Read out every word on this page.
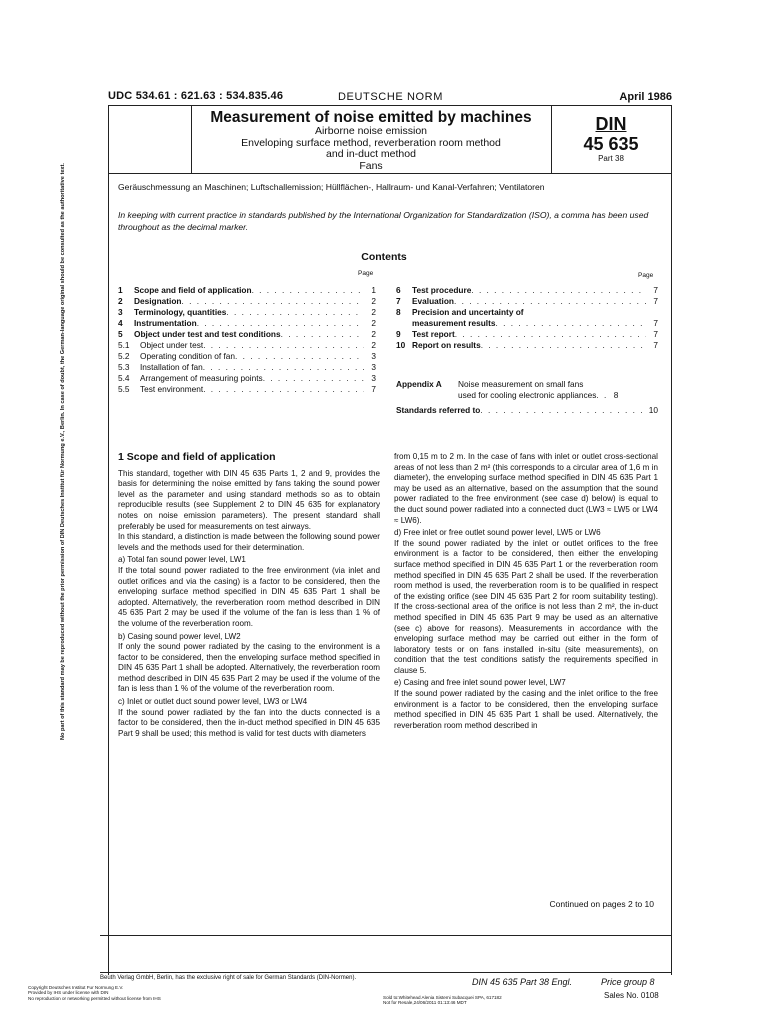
UDC 534.61 : 621.63 : 534.835.46	DEUTSCHE NORM	April 1986
Measurement of noise emitted by machines
Airborne noise emission
Enveloping surface method, reverberation room method
and in-duct method
Fans
DIN
45 635
Part 38
Geräuschmessung an Maschinen; Luftschallemission; Hüllflächen-, Hallraum- und Kanal-Verfahren; Ventilatoren
In keeping with current practice in standards published by the International Organization for Standardization (ISO), a comma has been used throughout as the decimal marker.
Contents
Page	Page
1	Scope and field of application . . .	1
2	Designation . . .	2
3	Terminology, quantities . . .	2
4	Instrumentation . . .	2
5	Object under test and test conditions . . .	2
5.1	Object under test . . .	2
5.2	Operating condition of fan . . .	3
5.3	Installation of fan . . .	3
5.4	Arrangement of measuring points . . .	3
5.5	Test environment . . .	7
6	Test procedure . . .	7
7	Evaluation . . .	7
8	Precision and uncertainty of
measurement results . . .	7
9	Test report . . .	7
10 Report on results . . .	7
Appendix A	Noise measurement on small fans
used for cooling electronic appliances . . .	8
Standards referred to . . .	10
1 Scope and field of application

This standard, together with DIN 45 635 Parts 1, 2 and 9, provides the basis for determining the noise emitted by fans taking the sound power level as the parameter and using standard methods so as to obtain reproducible results (see Supplement 2 to DIN 45 635 for explanatory notes on noise emission parameters). The present standard shall preferably be used for measurements on test airways.

In this standard, a distinction is made between the following sound power levels and the methods used for their determination.

a) Total fan sound power level, LW1

If the total sound power radiated to the free environment (via inlet and outlet orifices and via the casing) is a factor to be considered, then the enveloping surface method specified in DIN 45 635 Part 1 shall be adopted. Alternatively, the reverberation room method described in DIN 45 635 Part 2 may be used if the volume of the fan is less than 1 % of the volume of the reverberation room.

b) Casing sound power level, LW2

If only the sound power radiated by the casing to the environment is a factor to be considered, then the enveloping surface method specified in DIN 45 635 Part 1 shall be adopted. Alternatively, the reverberation room method described in DIN 45 635 Part 2 may be used if the volume of the fan is less than 1 % of the volume of the reverberation room.

c) Inlet or outlet duct sound power level, LW3 or LW4

If the sound power radiated by the fan into the ducts connected is a factor to be considered, then the in-duct method specified in DIN 45 635 Part 9 shall be used; this method is valid for test ducts with diameters

from 0,15 m to 2 m. In the case of fans with inlet or outlet cross-sectional areas of not less than 2 m² (this corresponds to a circular area of 1,6 m in diameter), the enveloping surface method specified in DIN 45 635 Part 1 may be used as an alternative, based on the assumption that the sound power radiated to the free environment (see case d) below) is equal to the duct sound power radiated into a connected duct (LW3 ≈ LW5 or LW4 ≈ LW6).

d) Free inlet or free outlet sound power level, LW5 or LW6

If the sound power radiated by the inlet or outlet orifices to the free environment is a factor to be considered, then either the enveloping surface method specified in DIN 45 635 Part 1 or the reverberation room method specified in DIN 45 635 Part 2 shall be used. If the reverberation room method is used, the reverberation room is to be qualified in respect of the existing orifice (see DIN 45 635 Part 2 for room suitability testing). If the cross-sectional area of the orifice is not less than 2 m², the in-duct method specified in DIN 45 635 Part 9 may be used as an alternative (see c) above for reasons). Measurements in accordance with the enveloping surface method may be carried out either in the form of laboratory tests or on fans installed in-situ (site measurements), on condition that the test conditions satisfy the requirements specified in clause 5.

e) Casing and free inlet sound power level, LW7

If the sound power radiated by the casing and the inlet orifice to the free environment is a factor to be considered, then the enveloping surface method specified in DIN 45 635 Part 1 shall be used. Alternatively, the reverberation room method described in

Continued on pages 2 to 10
No part of this standard may be reproduced without the prior permission of DIN Deutsches Institut für Normung e.V., Berlin. In case of doubt, the German-language original should be consulted as the authoritative text.
Beuth Verlag GmbH, Berlin, has the exclusive right of sale for German Standards (DIN-Normen).	DIN 45 635 Part 38 Engl.	Price group 8
Sales No. 0108
Copyright Deutsches Institut Fur Normung E.V.
Provided by IHS under license with DIN
No reproduction or networking permitted without license from IHS	Sold to:Whitehead Alenia Sistemi Subacquei SPA, 617182
Not for Resale,24/06/2011 01:13:46 MDT
